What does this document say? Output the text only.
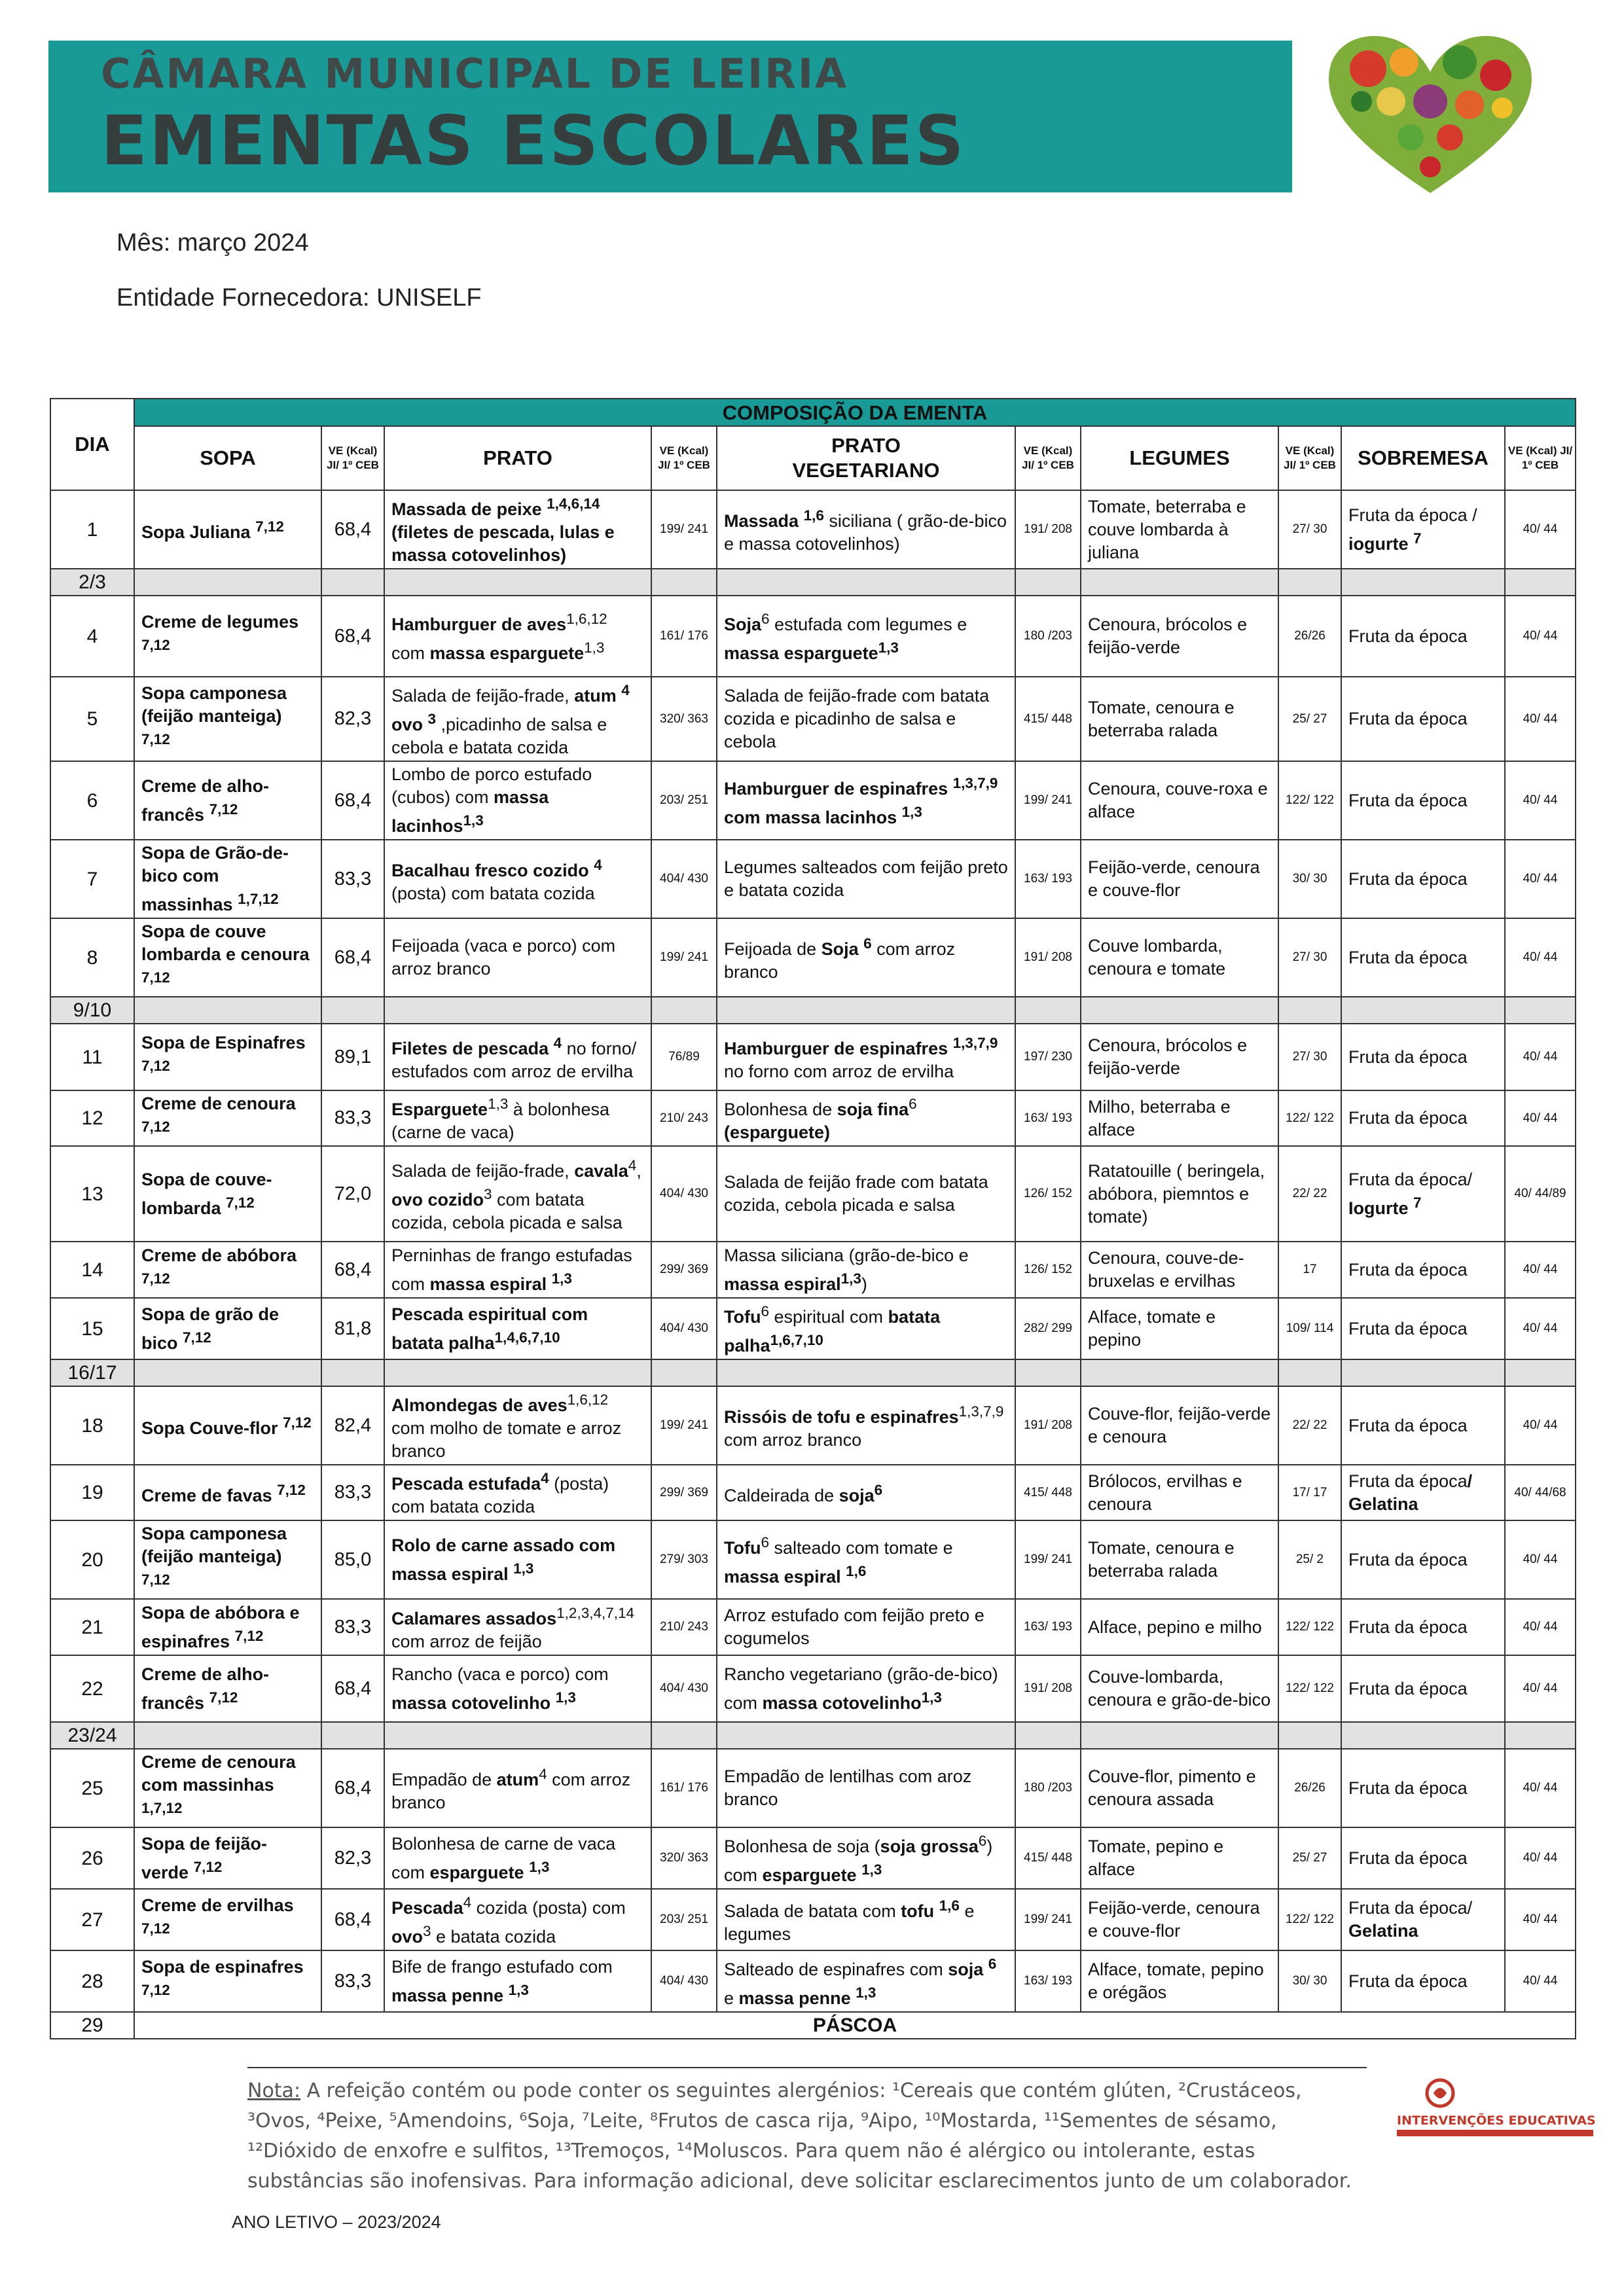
CÂMARA MUNICIPAL DE LEIRIA
EMENTAS ESCOLARES
Mês: março 2024
Entidade Fornecedora: UNISELF
DIA	COMPOSIÇÃO DA EMENTA									
	SOPA	VE (Kcal) JI/ 1º CEB	PRATO	VE (Kcal) JI/ 1º CEB	PRATO
VEGETARIANO	VE (Kcal) JI/ 1º CEB	LEGUMES	VE (Kcal) JI/ 1º CEB	SOBREMESA	VE (Kcal) JI/ 1º CEB
1	Sopa Juliana $^{7,12}$	68,4	Massada de peixe $^{1,4,6,14}$ (filetes de pescada, lulas e massa cotovelinhos)	199/ 241	Massada $^{1,6}$ siciliana ( grão-de-bico e massa cotovelinhos)	191/ 208	Tomate, beterraba e couve lombarda à juliana	27/ 30	Fruta da época / iogurte $^7$	40/ 44
2/3										
4	Creme de legumes $^{7,12}$	68,4	Hamburguer de aves$^{1,6,12}$ com massa esparguete$^{1,3}$	161/ 176	Soja$^6$ estufada com legumes e massa esparguete$^{1,3}$	180 /203	Cenoura, brócolos e feijão-verde	26/26	Fruta da época	40/ 44
5	Sopa camponesa (feijão manteiga) $^{7,12}$	82,3	Salada de feijão-frade, atum $^4$ ovo $^3$ ,picadinho de salsa e cebola e batata cozida	320/ 363	Salada de feijão-frade com batata cozida e picadinho de salsa e cebola	415/ 448	Tomate, cenoura e beterraba ralada	25/ 27	Fruta da época	40/ 44
6	Creme de alho-francês $^{7,12}$	68,4	Lombo de porco estufado (cubos) com massa lacinhos$^{1,3}$	203/ 251	Hamburguer de espinafres $^{1,3,7,9}$ com massa lacinhos $^{1,3}$	199/ 241	Cenoura, couve-roxa e alface	122/ 122	Fruta da época	40/ 44
7	Sopa de Grão-de-bico com massinhas $^{1,7,12}$	83,3	Bacalhau fresco cozido $^4$ (posta) com batata cozida	404/ 430	Legumes salteados com feijão preto e batata cozida	163/ 193	Feijão-verde, cenoura e couve-flor	30/ 30	Fruta da época	40/ 44
8	Sopa de couve lombarda e cenoura $^{7,12}$	68,4	Feijoada (vaca e porco) com arroz branco	199/ 241	Feijoada de Soja $^6$ com arroz branco	191/ 208	Couve lombarda, cenoura e tomate	27/ 30	Fruta da época	40/ 44
9/10										
11	Sopa de Espinafres $^{7,12}$	89,1	Filetes de pescada $^4$ no forno/ estufados com arroz de ervilha	76/89	Hamburguer de espinafres $^{1,3,7,9}$ no forno com arroz de ervilha	197/ 230	Cenoura, brócolos e feijão-verde	27/ 30	Fruta da época	40/ 44
12	Creme de cenoura $^{7,12}$	83,3	Esparguete$^{1,3}$ à bolonhesa (carne de vaca)	210/ 243	Bolonhesa de soja fina$^6$ (esparguete)	163/ 193	Milho, beterraba e alface	122/ 122	Fruta da época	40/ 44
13	Sopa de couve-lombarda $^{7,12}$	72,0	Salada de feijão-frade, cavala$^4$, ovo cozido$^3$ com batata cozida, cebola picada e salsa	404/ 430	Salada de feijão frade com batata cozida, cebola picada e salsa	126/ 152	Ratatouille ( beringela, abóbora, piemntos e tomate)	22/ 22	Fruta da época/ Iogurte $^7$	40/ 44/89
14	Creme de abóbora $^{7,12}$	68,4	Perninhas de frango estufadas com massa espiral $^{1,3}$	299/ 369	Massa siliciana (grão-de-bico e massa espiral$^{1,3}$)	126/ 152	Cenoura, couve-de-bruxelas e ervilhas	17	Fruta da época	40/ 44
15	Sopa de grão de bico $^{7,12}$	81,8	Pescada espiritual com batata palha$^{1,4,6,7,10}$	404/ 430	Tofu$^6$ espiritual com batata palha$^{1,6,7,10}$	282/ 299	Alface, tomate e pepino	109/ 114	Fruta da época	40/ 44
16/17										
18	Sopa Couve-flor $^{7,12}$	82,4	Almondegas de aves$^{1,6,12}$ com molho de tomate e arroz branco	199/ 241	Rissóis de tofu e espinafres$^{1,3,7,9}$ com arroz branco	191/ 208	Couve-flor, feijão-verde e cenoura	22/ 22	Fruta da época	40/ 44
19	Creme de favas $^{7,12}$	83,3	Pescada estufada$^4$ (posta) com batata cozida	299/ 369	Caldeirada de soja$^6$	415/ 448	Brólocos, ervilhas e cenoura	17/ 17	Fruta da época/ Gelatina	40/ 44/68
20	Sopa camponesa (feijão manteiga) $^{7,12}$	85,0	Rolo de carne assado com massa espiral $^{1,3}$	279/ 303	Tofu$^6$ salteado com tomate e massa espiral $^{1,6}$	199/ 241	Tomate, cenoura e beterraba ralada	25/ 2	Fruta da época	40/ 44
21	Sopa de abóbora e espinafres $^{7,12}$	83,3	Calamares assados$^{1,2,3,4,7,14}$ com arroz de feijão	210/ 243	Arroz estufado com feijão preto e cogumelos	163/ 193	Alface, pepino e milho	122/ 122	Fruta da época	40/ 44
22	Creme de alho-francês $^{7,12}$	68,4	Rancho (vaca e porco) com massa cotovelinho $^{1,3}$	404/ 430	Rancho vegetariano (grão-de-bico) com massa cotovelinho$^{1,3}$	191/ 208	Couve-lombarda, cenoura e grão-de-bico	122/ 122	Fruta da época	40/ 44
23/24										
25	Creme de cenoura com massinhas $^{1,7,12}$	68,4	Empadão de atum$^4$ com arroz branco	161/ 176	Empadão de lentilhas com aroz branco	180 /203	Couve-flor, pimento e cenoura assada	26/26	Fruta da época	40/ 44
26	Sopa de feijão-verde $^{7,12}$	82,3	Bolonhesa de carne de vaca com esparguete $^{1,3}$	320/ 363	Bolonhesa de soja (soja grossa$^6$) com esparguete $^{1,3}$	415/ 448	Tomate, pepino e alface	25/ 27	Fruta da época	40/ 44
27	Creme de ervilhas $^{7,12}$	68,4	Pescada$^4$ cozida (posta) com ovo$^3$ e batata cozida	203/ 251	Salada de batata com tofu $^{1,6}$ e legumes	199/ 241	Feijão-verde, cenoura e couve-flor	122/ 122	Fruta da época/ Gelatina	40/ 44
28	Sopa de espinafres $^{7,12}$	83,3	Bife de frango estufado com massa penne $^{1,3}$	404/ 430	Salteado de espinafres com soja $^6$ e massa penne $^{1,3}$	163/ 193	Alface, tomate, pepino e orégãos	30/ 30	Fruta da época	40/ 44
29	PÁSCOA									
Nota: A refeição contém ou pode conter os seguintes alergénios: ¹Cereais que contém glúten, ²Crustáceos, ³Ovos, ⁴Peixe, ⁵Amendoins, ⁶Soja, ⁷Leite, ⁸Frutos de casca rija, ⁹Aipo, ¹⁰Mostarda, ¹¹Sementes de sésamo, ¹²Dióxido de enxofre e sulfitos, ¹³Tremoços, ¹⁴Moluscos. Para quem não é alérgico ou intolerante, estas substâncias são inofensivas. Para informação adicional, deve solicitar esclarecimentos junto de um colaborador.
INTERVENÇÕES EDUCATIVAS
ANO LETIVO – 2023/2024
